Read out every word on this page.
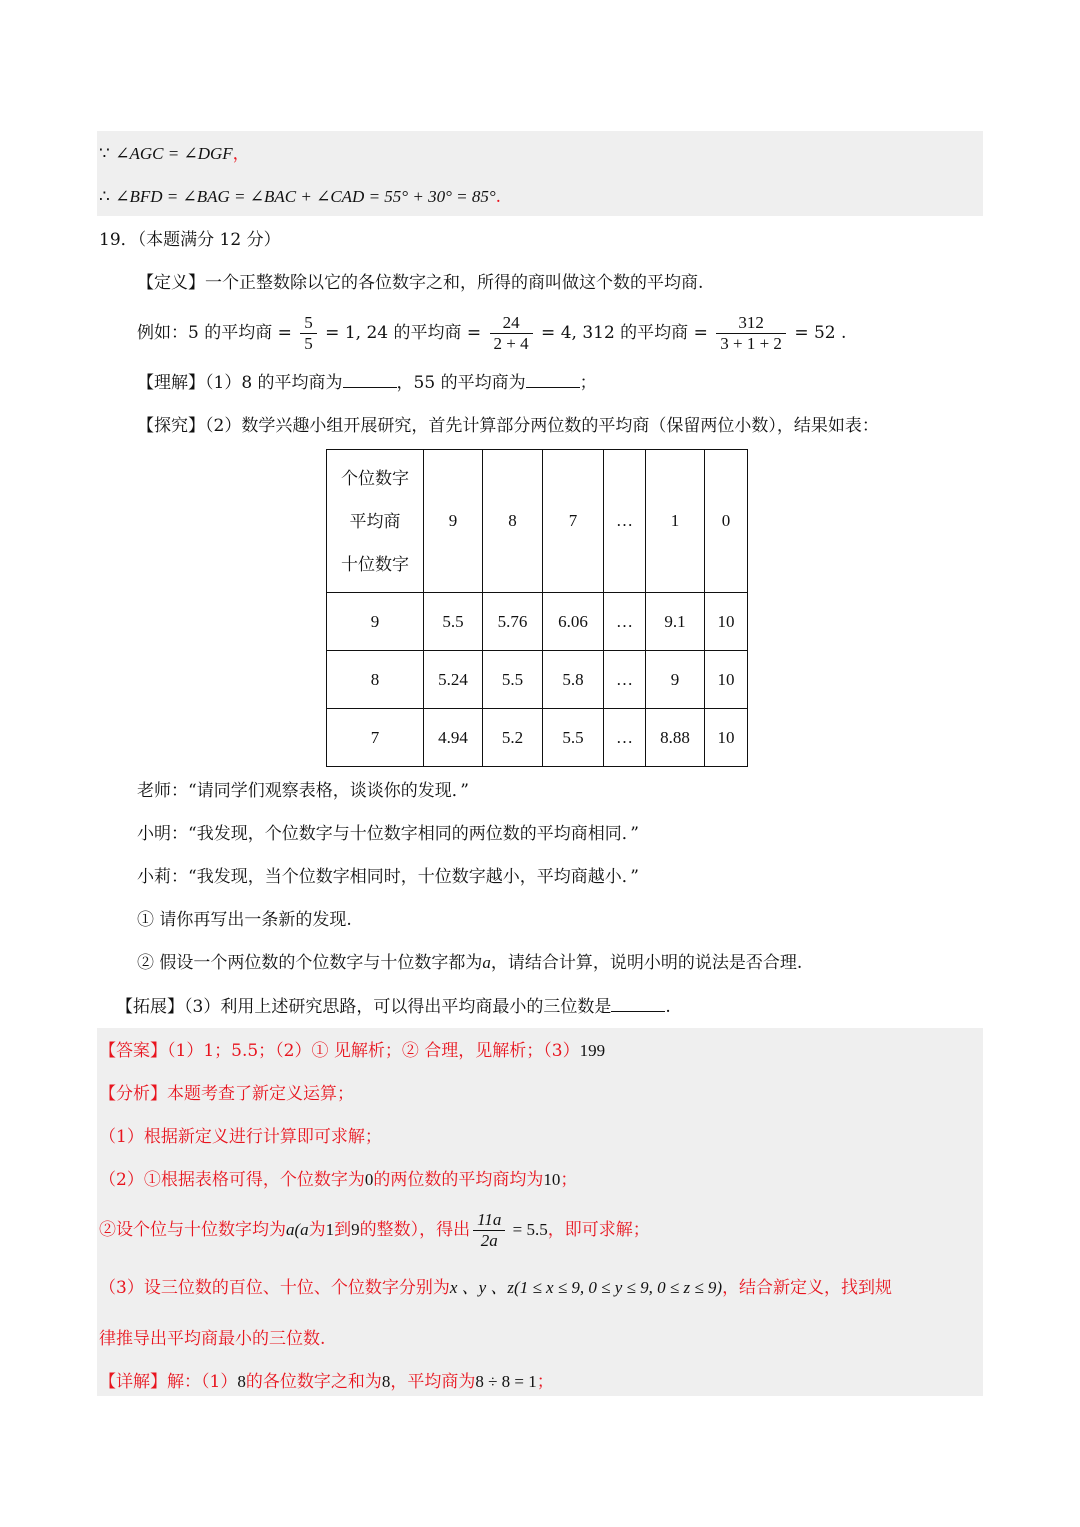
∵ ∠AGC = ∠DGF，
∴ ∠BFD = ∠BAG = ∠BAC + ∠CAD = 55° + 30° = 85°.
19．（本题满分 12 分）
【定义】一个正整数除以它的各位数字之和，所得的商叫做这个数的平均商.
例如：5 的平均商 = $\frac{5}{5} = 1$, 24 的平均商 = $\frac{24}{2 + 4} = 4$, 312 的平均商 = $\frac{312}{3 + 1 + 2} = 52$ .
【理解】（1）8 的平均商为	，55 的平均商为	；
【探究】（2）数学兴趣小组开展研究，首先计算部分两位数的平均商（保留两位小数），结果如表：
个位数字
平均商
十位数字	9	8	7	…	1	0
9	5.5	5.76	6.06	…	9.1	10
8	5.24	5.5	5.8	…	9	10
7	4.94	5.2	5.5	…	8.88	10
老师：“请同学们观察表格，谈谈你的发现．”
小明：“我发现，个位数字与十位数字相同的两位数的平均商相同．”
小莉：“我发现，当个位数字相同时，十位数字越小，平均商越小．”
① 请你再写出一条新的发现.
② 假设一个两位数的个位数字与十位数字都为a，请结合计算，说明小明的说法是否合理.
【拓展】（3）利用上述研究思路，可以得出平均商最小的三位数是	.
【答案】（1）1；5.5；（2）① 见解析；② 合理，见解析；（3）199
【分析】本题考查了新定义运算；
（1）根据新定义进行计算即可求解；
（2）①根据表格可得，个位数字为0的两位数的平均商均为10；
②设个位与十位数字均为a(a为1到9的整数），得出 $\frac{11a}{2a} = 5.5$，即可求解；
（3）设三位数的百位、十位、个位数字分别为x 、y 、z(1 ≤ x ≤ 9, 0 ≤ y ≤ 9, 0 ≤ z ≤ 9)，结合新定义，找到规
律推导出平均商最小的三位数.
【详解】解：（1）8的各位数字之和为8，平均商为8 ÷ 8 = 1；
